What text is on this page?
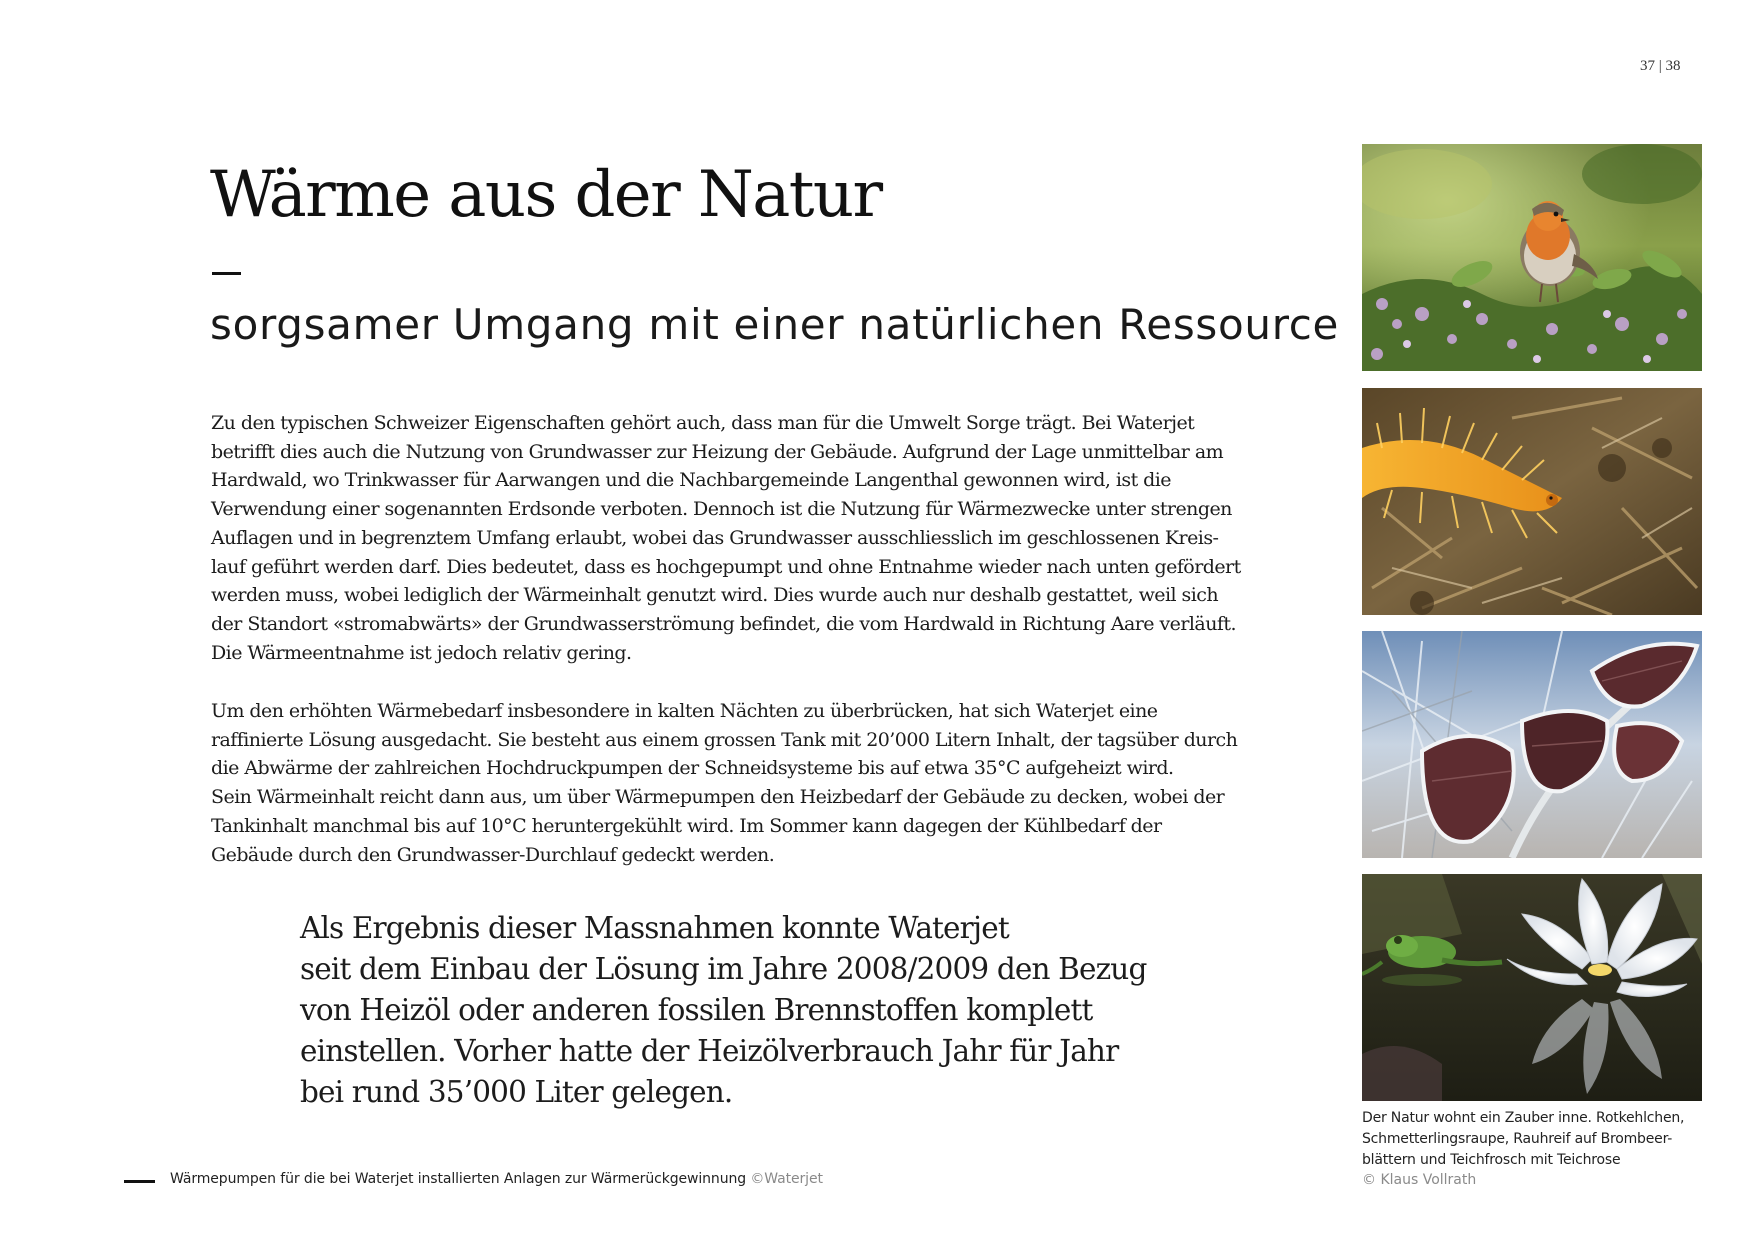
37 | 38
Wärme aus der Natur
sorgsamer Umgang mit einer natürlichen Ressource

Zu den typischen Schweizer Eigenschaften gehört auch, dass man für die Umwelt Sorge trägt. Bei Waterjet
betrifft dies auch die Nutzung von Grundwasser zur Heizung der Gebäude. Aufgrund der Lage unmittelbar am
Hardwald, wo Trinkwasser für Aarwangen und die Nachbargemeinde Langenthal gewonnen wird, ist die
Verwendung einer sogenannten Erdsonde verboten. Dennoch ist die Nutzung für Wärmezwecke unter strengen
Auflagen und in begrenztem Umfang erlaubt, wobei das Grundwasser ausschliesslich im geschlossenen Kreis-
lauf geführt werden darf. Dies bedeutet, dass es hochgepumpt und ohne Entnahme wieder nach unten gefördert
werden muss, wobei lediglich der Wärmeinhalt genutzt wird. Dies wurde auch nur deshalb gestattet, weil sich
der Standort «stromabwärts» der Grundwasserströmung befindet, die vom Hardwald in Richtung Aare verläuft.
Die Wärmeentnahme ist jedoch relativ gering.

Um den erhöhten Wärmebedarf insbesondere in kalten Nächten zu überbrücken, hat sich Waterjet eine
raffinierte Lösung ausgedacht. Sie besteht aus einem grossen Tank mit 20’000 Litern Inhalt, der tagsüber durch
die Abwärme der zahlreichen Hochdruckpumpen der Schneidsysteme bis auf etwa 35°C aufgeheizt wird.
Sein Wärmeinhalt reicht dann aus, um über Wärmepumpen den Heizbedarf der Gebäude zu decken, wobei der
Tankinhalt manchmal bis auf 10°C heruntergekühlt wird. Im Sommer kann dagegen der Kühlbedarf der
Gebäude durch den Grundwasser-Durchlauf gedeckt werden.

Als Ergebnis dieser Massnahmen konnte Waterjet
seit dem Einbau der Lösung im Jahre 2008/2009 den Bezug
von Heizöl oder anderen fossilen Brennstoffen komplett
einstellen. Vorher hatte der Heizölverbrauch Jahr für Jahr
bei rund 35’000 Liter gelegen.
Wärmepumpen für die bei Waterjet installierten Anlagen zur Wärmerückgewinnung ©Waterjet
Der Natur wohnt ein Zauber inne. Rotkehlchen,
Schmetterlingsraupe, Rauhreif auf Brombeer-
blättern und Teichfrosch mit Teichrose
© Klaus Vollrath
